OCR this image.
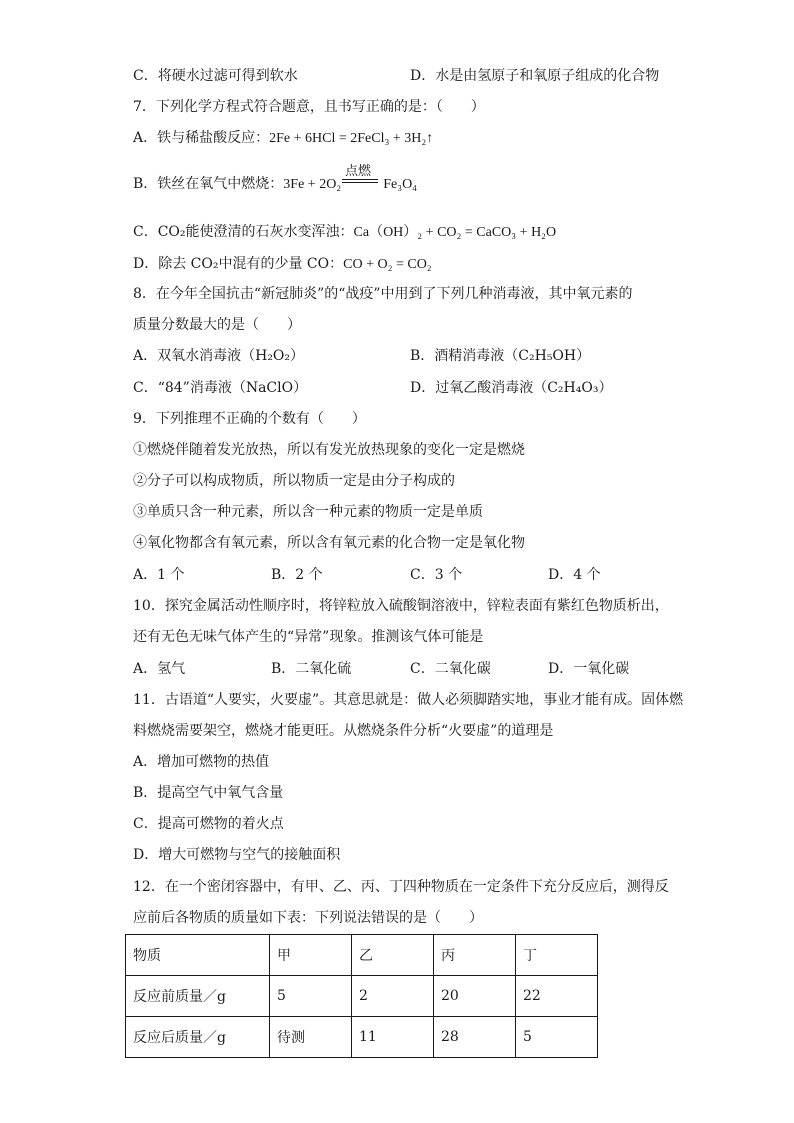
C．将硬水过滤可得到软水	D．水是由氢原子和氧原子组成的化合物
7．下列化学方程式符合题意，且书写正确的是：（　　）
A．铁与稀盐酸反应：2Fe + 6HCl = 2FeCl₃ + 3H₂↑
B．铁丝在氧气中燃烧：3Fe + 2O₂	Fe₃O₄
点燃
C．CO₂能使澄清的石灰水变浑浊：Ca（OH）₂ + CO₂ = CaCO₃ + H₂O
D．除去 CO₂中混有的少量 CO：CO + O₂ = CO₂
8．在今年全国抗击“新冠肺炎”的“战疫”中用到了下列几种消毒液，其中氧元素的
质量分数最大的是（　　）
A．双氧水消毒液（H₂O₂）	B．酒精消毒液（C₂H₅OH）
C．“84”消毒液（NaClO）	D．过氧乙酸消毒液（C₂H₄O₃）
9．下列推理不正确的个数有（　　）
①燃烧伴随着发光放热，所以有发光放热现象的变化一定是燃烧
②分子可以构成物质，所以物质一定是由分子构成的
③单质只含一种元素，所以含一种元素的物质一定是单质
④氧化物都含有氧元素，所以含有氧元素的化合物一定是氧化物
A．1 个	B．2 个	C．3 个	D．4 个
10．探究金属活动性顺序时，将锌粒放入硫酸铜溶液中，锌粒表面有紫红色物质析出，
还有无色无味气体产生的“异常”现象。推测该气体可能是
A．氢气	B．二氧化硫	C．二氧化碳	D．一氧化碳
11．古语道“人要实，火要虚”。其意思就是：做人必须脚踏实地，事业才能有成。固体燃
料燃烧需要架空，燃烧才能更旺。从燃烧条件分析“火要虚”的道理是
A．增加可燃物的热值
B．提高空气中氧气含量
C．提高可燃物的着火点
D．增大可燃物与空气的接触面积
12．在一个密闭容器中，有甲、乙、丙、丁四种物质在一定条件下充分反应后，测得反
应前后各物质的质量如下表：下列说法错误的是（　　）
物质	甲	乙	丙	丁
反应前质量／g	5	2	20	22
反应后质量／g	待测	11	28	5
